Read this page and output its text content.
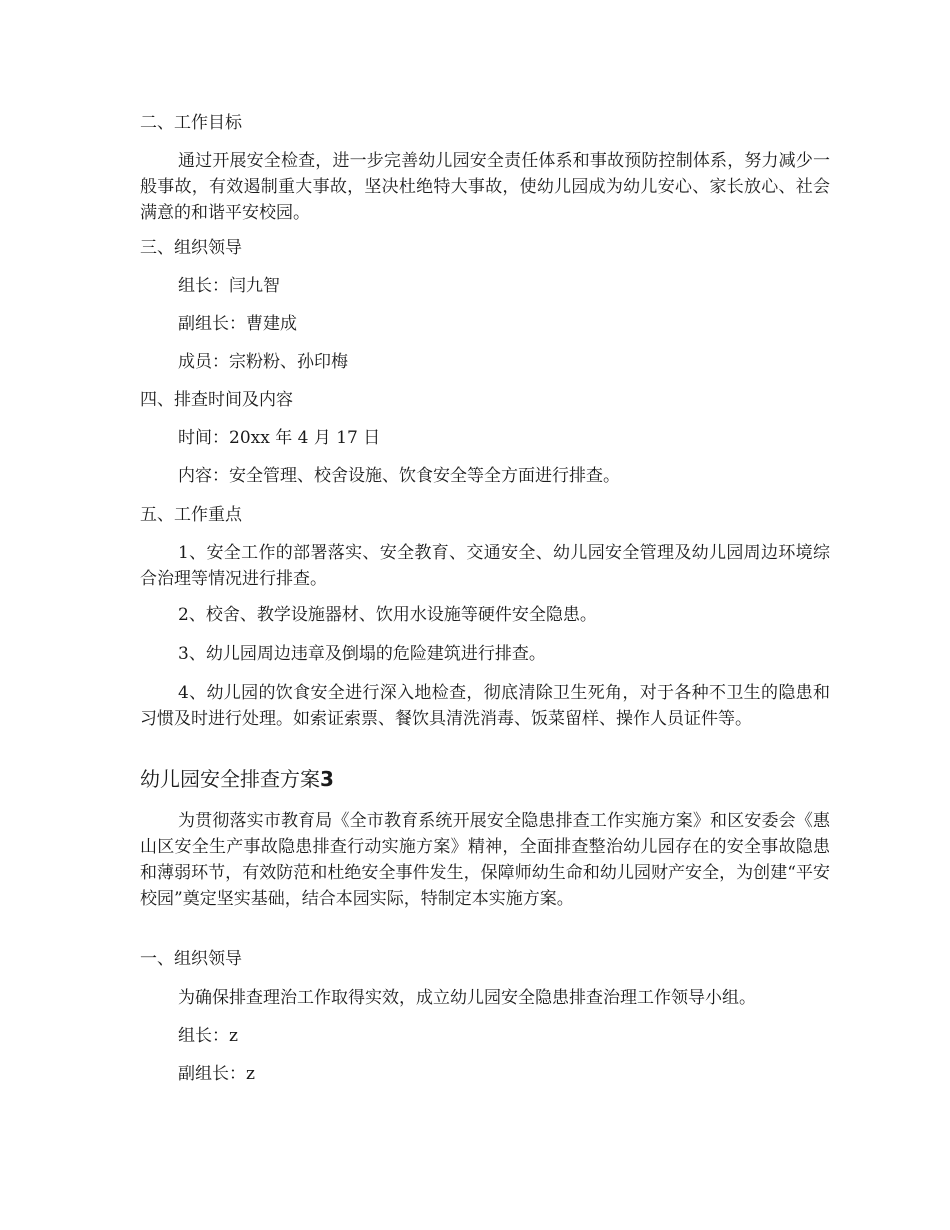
二、工作目标
通过开展安全检查，进一步完善幼儿园安全责任体系和事故预防控制体系，努力减少一般事故，有效遏制重大事故，坚决杜绝特大事故，使幼儿园成为幼儿安心、家长放心、社会满意的和谐平安校园。
三、组织领导
组长：闫九智
副组长：曹建成
成员：宗粉粉、孙印梅
四、排查时间及内容
时间：20xx 年 4 月 17 日
内容：安全管理、校舍设施、饮食安全等全方面进行排查。
五、工作重点
1、安全工作的部署落实、安全教育、交通安全、幼儿园安全管理及幼儿园周边环境综合治理等情况进行排查。
2、校舍、教学设施器材、饮用水设施等硬件安全隐患。
3、幼儿园周边违章及倒塌的危险建筑进行排查。
4、幼儿园的饮食安全进行深入地检查，彻底清除卫生死角，对于各种不卫生的隐患和习惯及时进行处理。如索证索票、餐饮具清洗消毒、饭菜留样、操作人员证件等。
幼儿园安全排查方案3
为贯彻落实市教育局《全市教育系统开展安全隐患排查工作实施方案》和区安委会《惠山区安全生产事故隐患排查行动实施方案》精神，全面排查整治幼儿园存在的安全事故隐患和薄弱环节，有效防范和杜绝安全事件发生，保障师幼生命和幼儿园财产安全，为创建“平安校园”奠定坚实基础，结合本园实际，特制定本实施方案。
一、组织领导
为确保排查理治工作取得实效，成立幼儿园安全隐患排查治理工作领导小组。
组长：z
副组长：z
